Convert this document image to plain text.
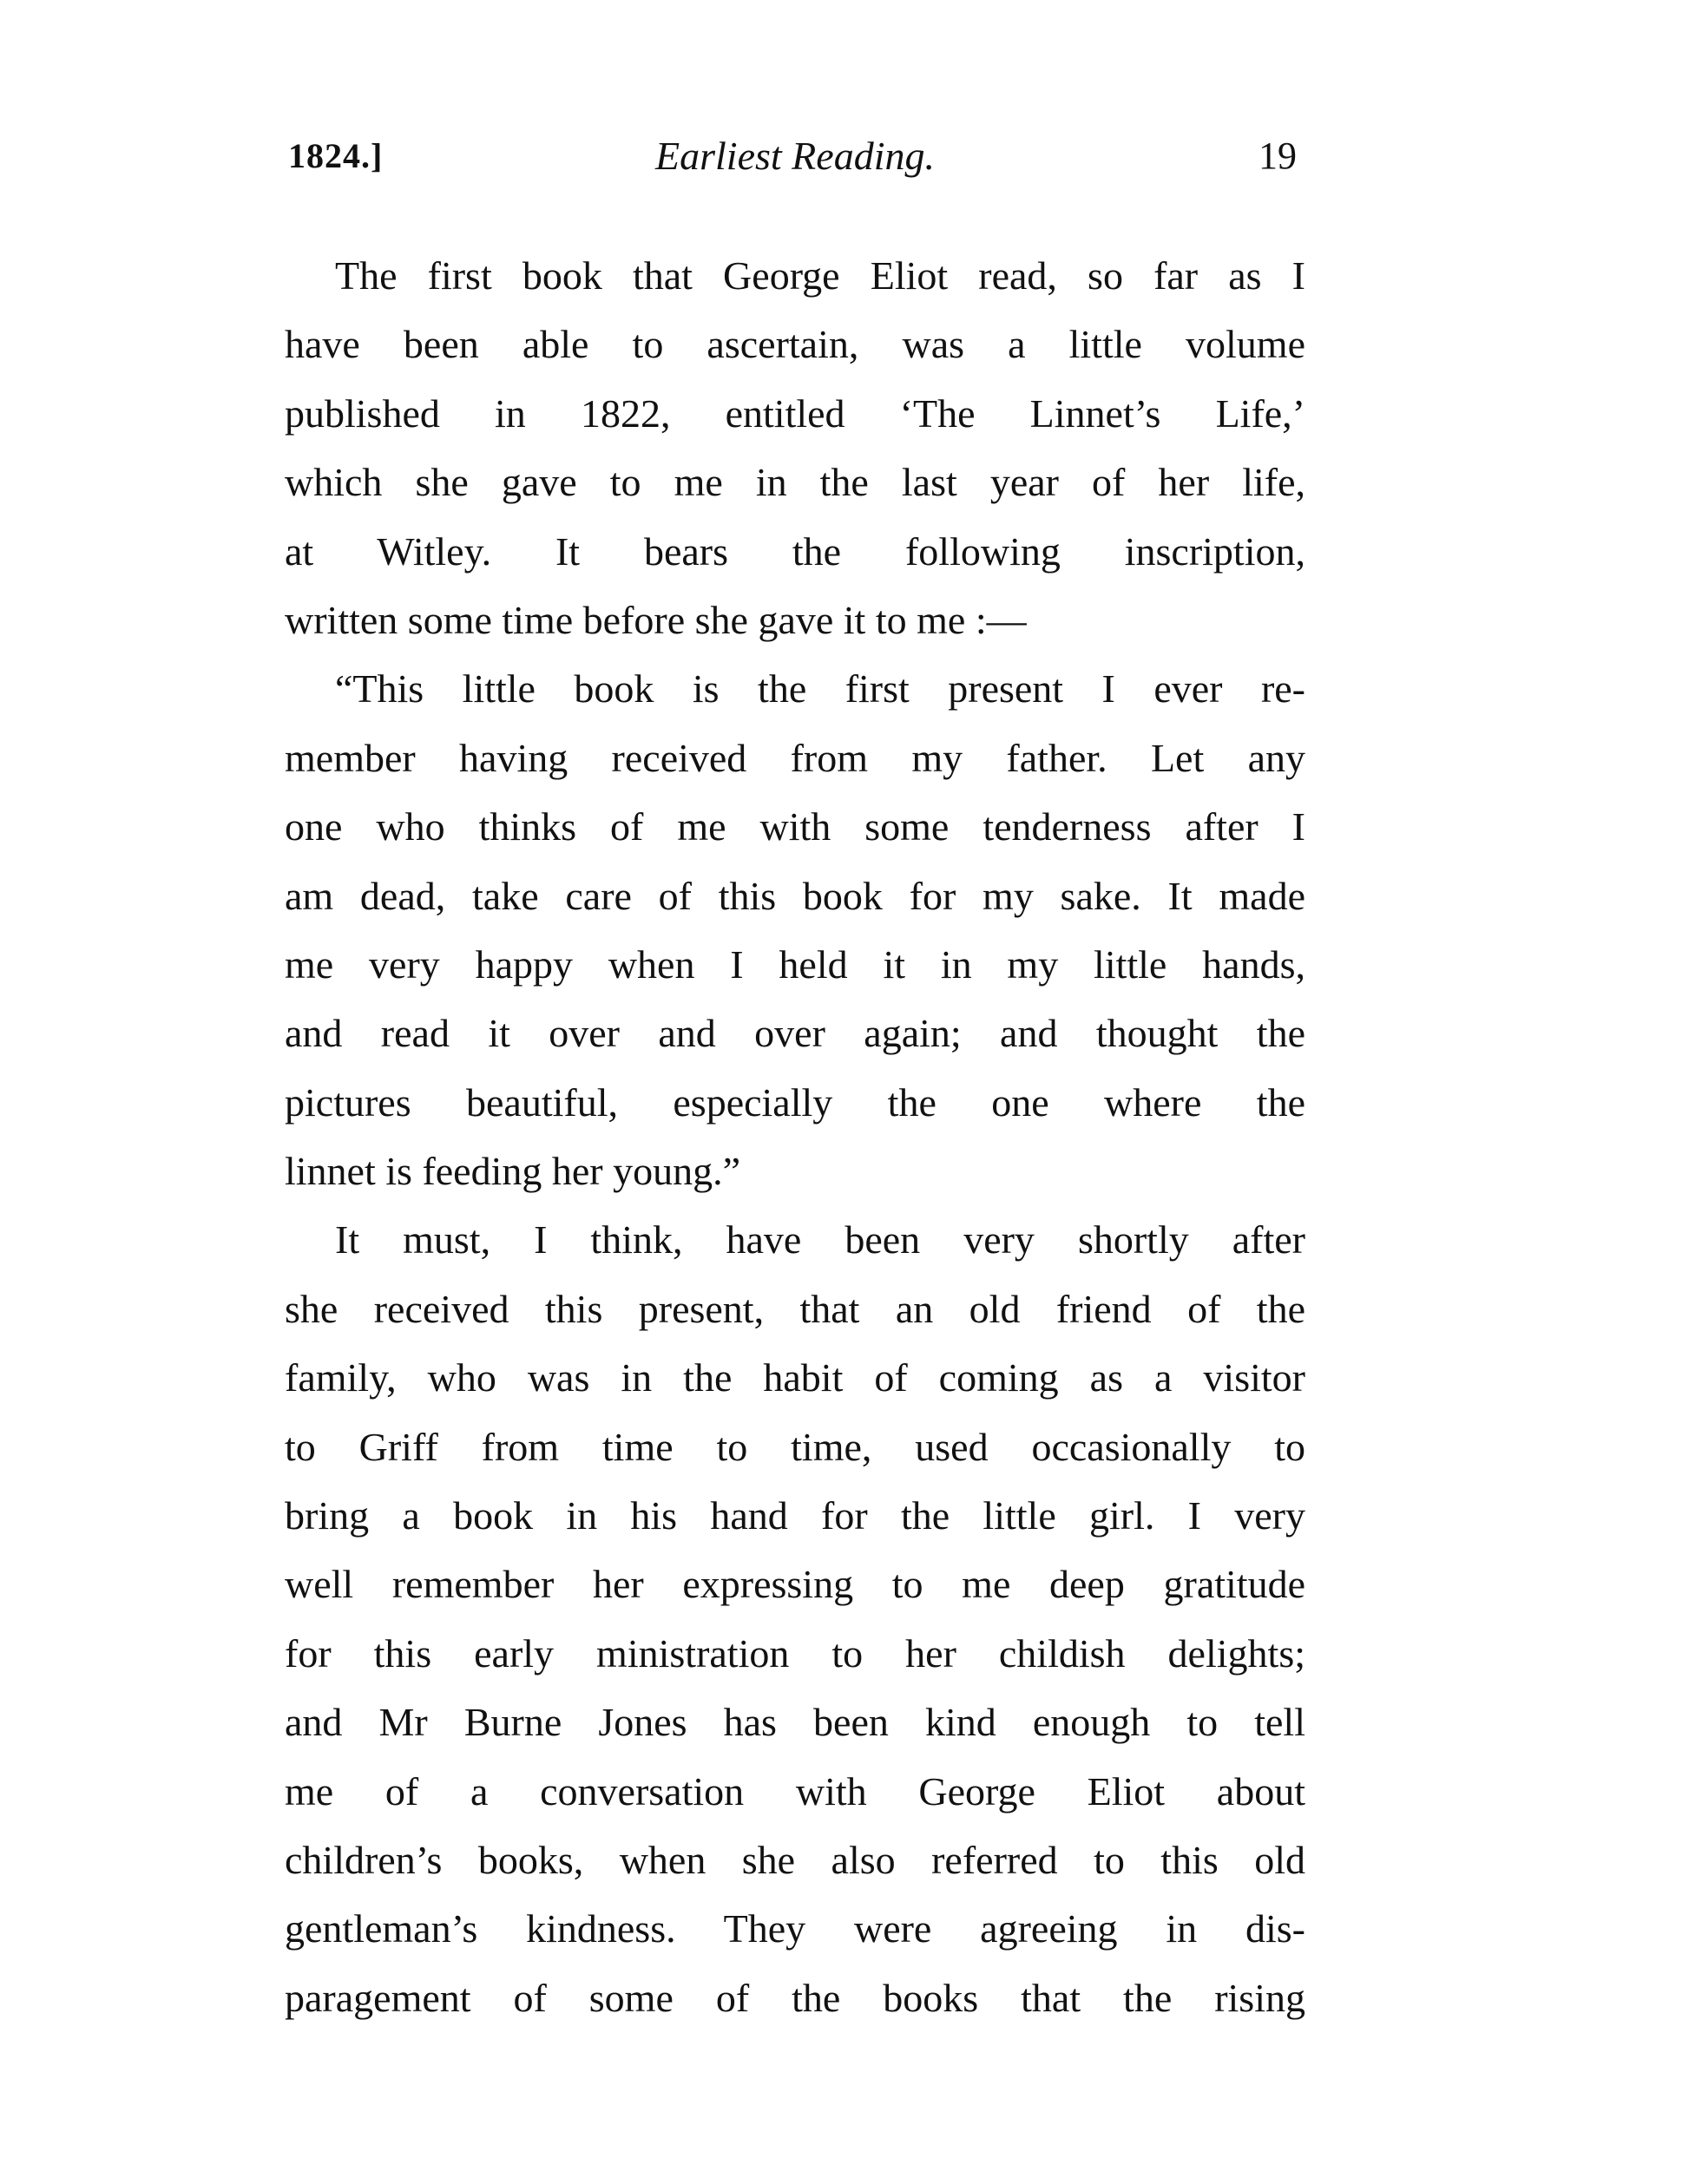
1824.]	Earliest Reading.	19
The first book that George Eliot read, so far as I
have been able to ascertain, was a little volume
published in 1822, entitled ‘The Linnet’s Life,’
which she gave to me in the last year of her life,
at Witley. It bears the following inscription,
written some time before she gave it to me :—
“This little book is the first present I ever re-
member having received from my father. Let any
one who thinks of me with some tenderness after I
am dead, take care of this book for my sake. It made
me very happy when I held it in my little hands,
and read it over and over again; and thought the
pictures beautiful, especially the one where the
linnet is feeding her young.”
It must, I think, have been very shortly after
she received this present, that an old friend of the
family, who was in the habit of coming as a visitor
to Griff from time to time, used occasionally to
bring a book in his hand for the little girl. I very
well remember her expressing to me deep gratitude
for this early ministration to her childish delights;
and Mr Burne Jones has been kind enough to tell
me of a conversation with George Eliot about
children’s books, when she also referred to this old
gentleman’s kindness. They were agreeing in dis-
paragement of some of the books that the rising
